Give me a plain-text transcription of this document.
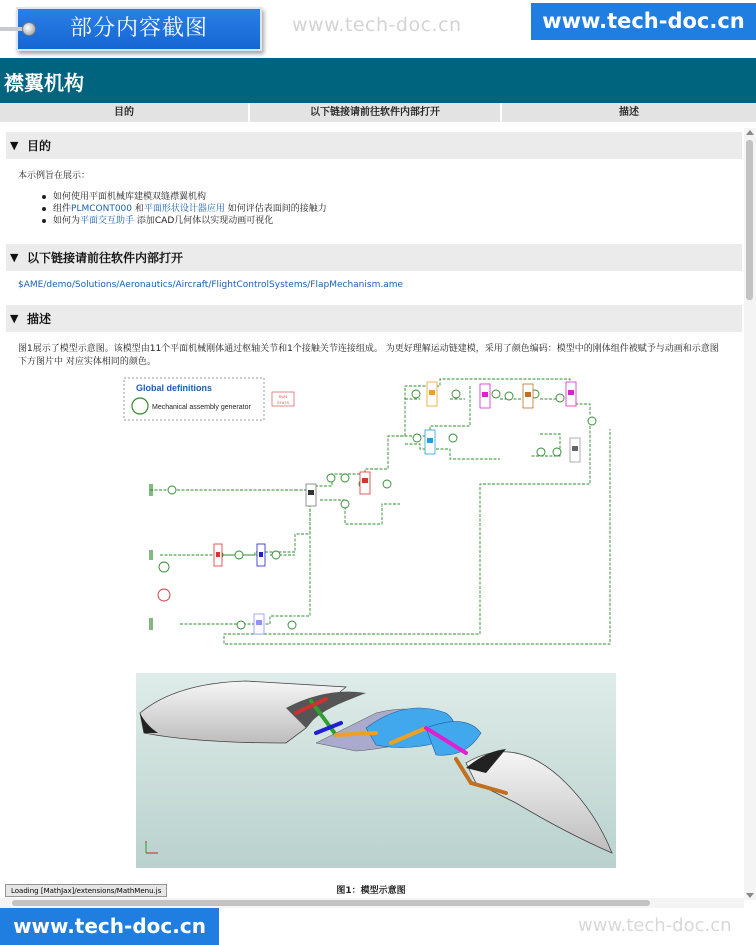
部分内容截图	www.tech-doc.cn	www.tech-doc.cn
襟翼机构
目的	以下链接请前往软件内部打开	描述
▼ 目的
本示例旨在展示：
如何使用平面机械库建模双缝襟翼机构
组件PLMCONT000 和平面形状设计器应用 如何评估表面间的接触力
如何为平面交互助手 添加CAD几何体以实现动画可视化
▼ 以下链接请前往软件内部打开
$AME/demo/Solutions/Aeronautics/Aircraft/FlightControlSystems/FlapMechanism.ame
▼ 描述
图1展示了模型示意图。该模型由11个平面机械刚体通过枢轴关节和1个接触关节连接组成。 为更好理解运动链建模，采用了颜色编码：模型中的刚体组件被赋予与动画和示意图
下方图片中 对应实体相同的颜色。
Global definitions
Mechanical assembly generator
RUN
STATS
图1：模型示意图
Loading [MathJax]/extensions/MathMenu.js
www.tech-doc.cn	www.tech-doc.cn
